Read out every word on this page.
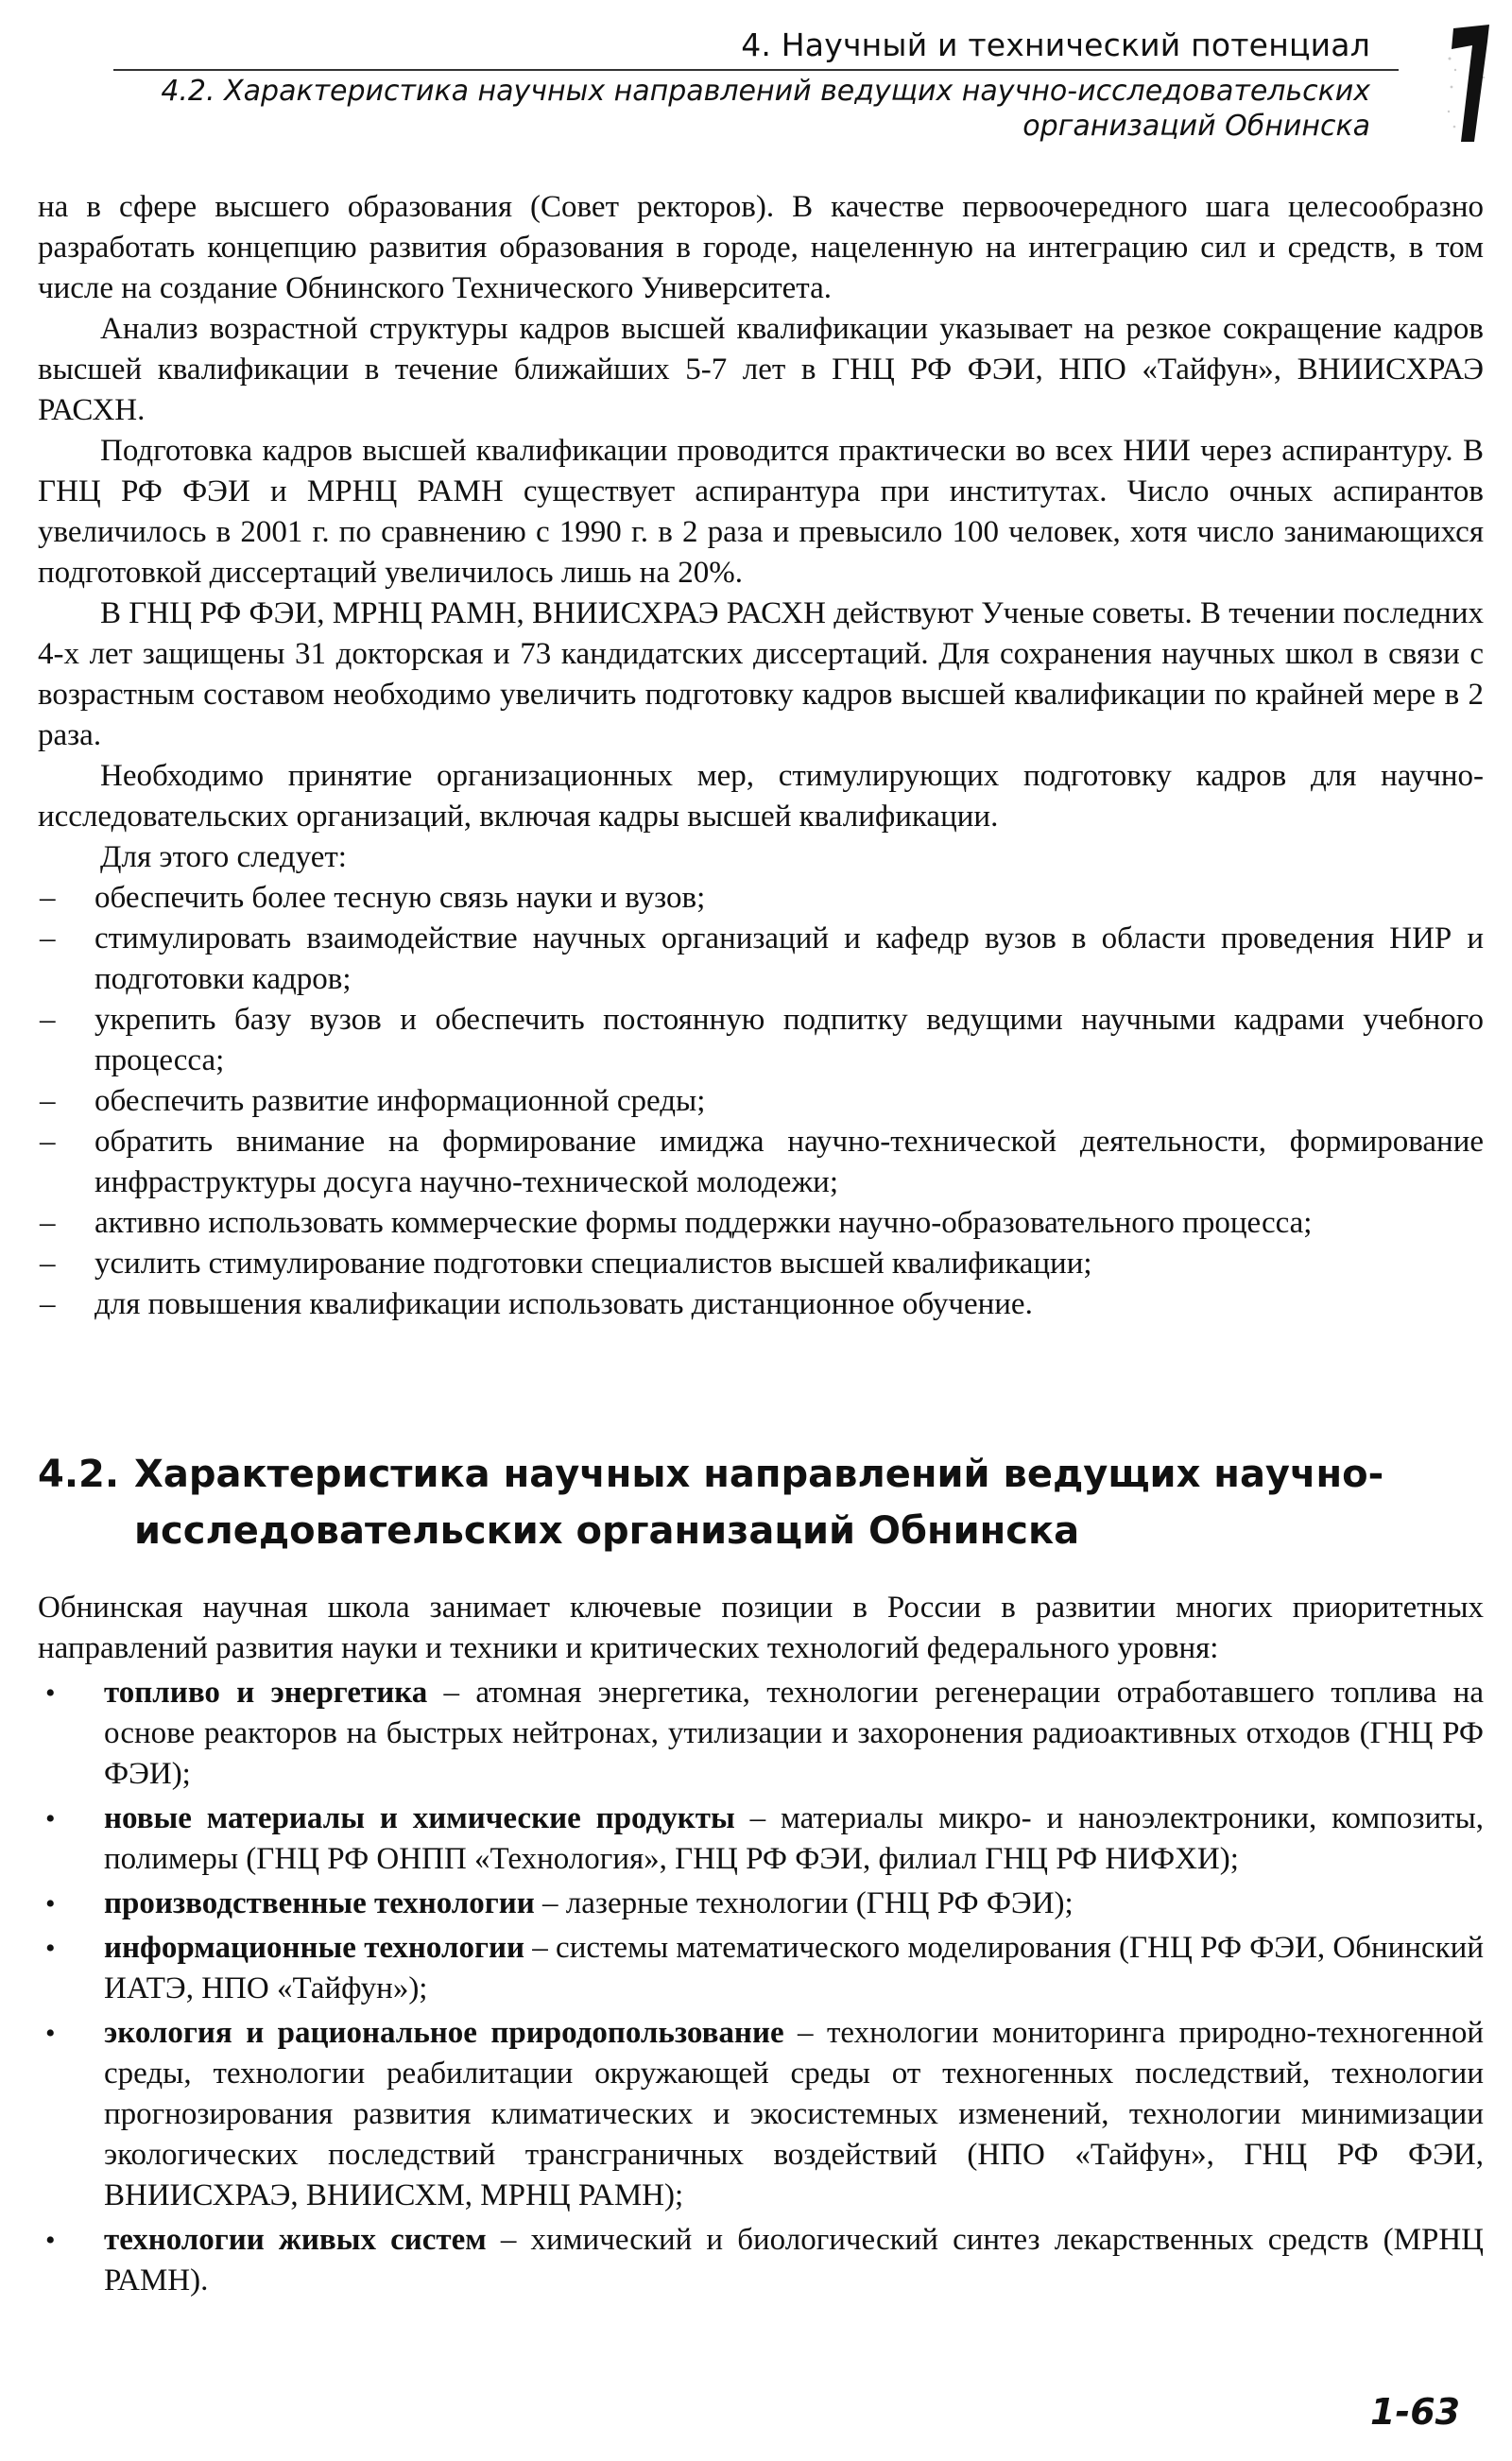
4. Научный и технический потенциал
4.2. Характеристика научных направлений ведущих научно-исследовательских
организаций Обнинска

на в сфере высшего образования (Совет ректоров). В качестве первоочередного шага целесообразно разработать концепцию развития образования в городе, нацеленную на интеграцию сил и средств, в том числе на создание Обнинского Технического Университета.

Анализ возрастной структуры кадров высшей квалификации указывает на резкое сокращение кадров высшей квалификации в течение ближайших 5-7 лет в ГНЦ РФ ФЭИ, НПО «Тайфун», ВНИИСХРАЭ РАСХН.

Подготовка кадров высшей квалификации проводится практически во всех НИИ через аспирантуру. В ГНЦ РФ ФЭИ и МРНЦ РАМН существует аспирантура при институтах. Число очных аспирантов увеличилось в 2001 г. по сравнению с 1990 г. в 2 раза и превысило 100 человек, хотя число занимающихся подготовкой диссертаций увеличилось лишь на 20%.

В ГНЦ РФ ФЭИ, МРНЦ РАМН, ВНИИСХРАЭ РАСХН действуют Ученые советы. В течении последних 4-х лет защищены 31 докторская и 73 кандидатских диссертаций. Для сохранения научных школ в связи с возрастным составом необходимо увеличить подготовку кадров высшей квалификации по крайней мере в 2 раза.

Необходимо принятие организационных мер, стимулирующих подготовку кадров для научно-исследовательских организаций, включая кадры высшей квалификации.

Для этого следует:

– обеспечить более тесную связь науки и вузов;
– стимулировать взаимодействие научных организаций и кафедр вузов в области проведения НИР и подготовки кадров;
– укрепить базу вузов и обеспечить постоянную подпитку ведущими научными кадрами учебного процесса;
– обеспечить развитие информационной среды;
– обратить внимание на формирование имиджа научно-технической деятельности, формирование инфраструктуры досуга научно-технической молодежи;
– активно использовать коммерческие формы поддержки научно-образовательного процесса;
– усилить стимулирование подготовки специалистов высшей квалификации;
– для повышения квалификации использовать дистанционное обучение.
4.2. Характеристика научных направлений ведущих научно-
исследовательских организаций Обнинска

Обнинская научная школа занимает ключевые позиции в России в развитии многих приоритетных направлений развития науки и техники и критических технологий федерального уровня:

• топливо и энергетика – атомная энергетика, технологии регенерации отработавшего топлива на основе реакторов на быстрых нейтронах, утилизации и захоронения радиоактивных отходов (ГНЦ РФ ФЭИ);
• новые материалы и химические продукты – материалы микро- и наноэлектроники, композиты, полимеры (ГНЦ РФ ОНПП «Технология», ГНЦ РФ ФЭИ, филиал ГНЦ РФ НИФХИ);
• производственные технологии – лазерные технологии (ГНЦ РФ ФЭИ);
• информационные технологии – системы математического моделирования (ГНЦ РФ ФЭИ, Обнинский ИАТЭ, НПО «Тайфун»);
• экология и рациональное природопользование – технологии мониторинга природно-техногенной среды, технологии реабилитации окружающей среды от техногенных последствий, технологии прогнозирования развития климатических и экосистемных изменений, технологии минимизации экологических последствий трансграничных воздействий (НПО «Тайфун», ГНЦ РФ ФЭИ, ВНИИСХРАЭ, ВНИИСХМ, МРНЦ РАМН);
• технологии живых систем – химический и биологический синтез лекарственных средств (МРНЦ РАМН).
1-63
